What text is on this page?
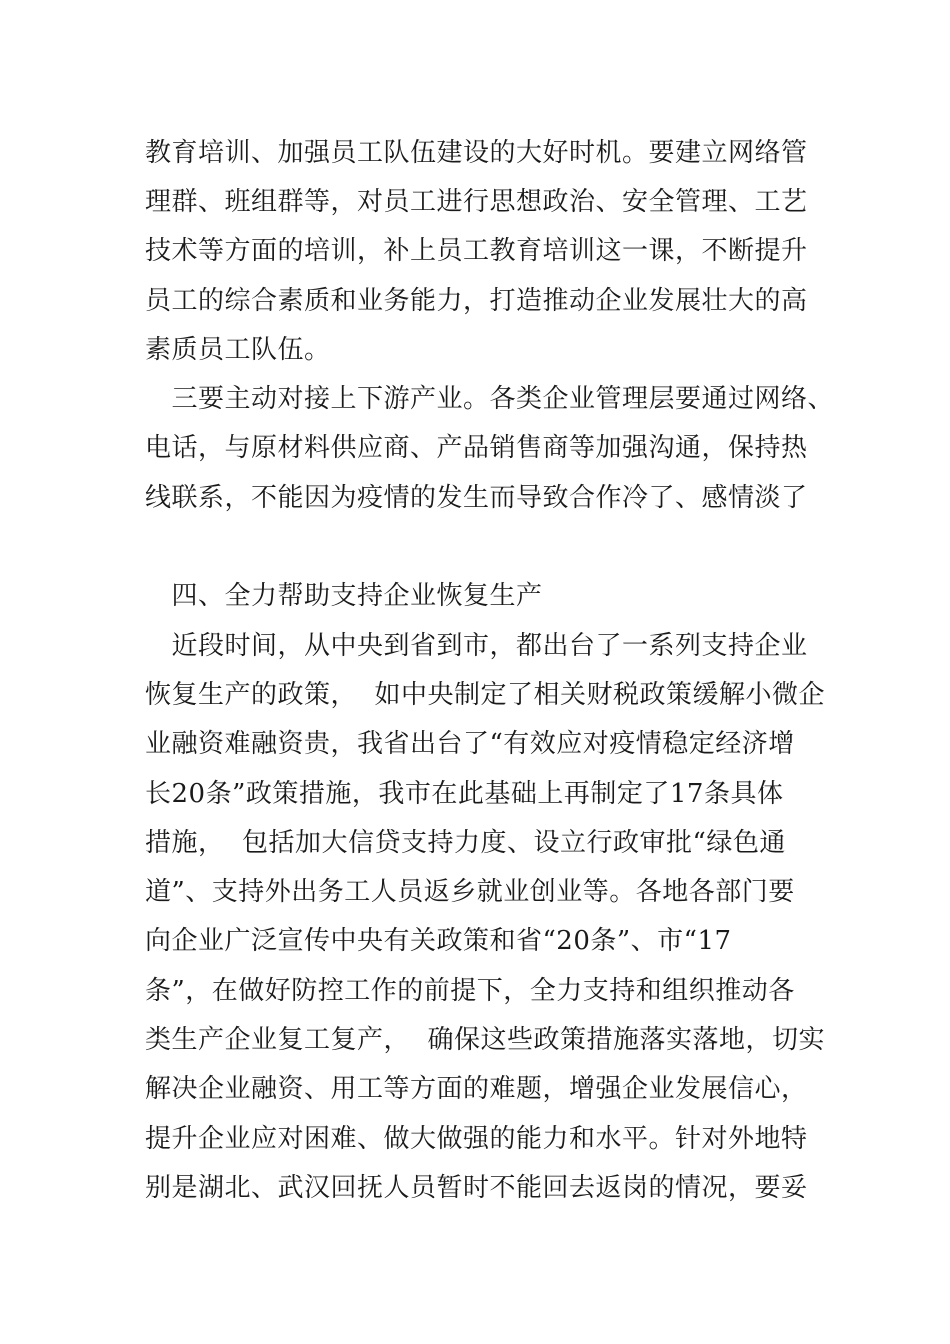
教育培训、加强员工队伍建设的大好时机。要建立网络管

理群、班组群等，对员工进行思想政治、安全管理、工艺

技术等方面的培训，补上员工教育培训这一课，不断提升

员工的综合素质和业务能力，打造推动企业发展壮大的高

素质员工队伍。

　三要主动对接上下游产业。各类企业管理层要通过网络、

电话，与原材料供应商、产品销售商等加强沟通，保持热

线联系，不能因为疫情的发生而导致合作冷了、感情淡了

　四、全力帮助支持企业恢复生产

　近段时间，从中央到省到市，都出台了一系列支持企业

恢复生产的政策，  如中央制定了相关财税政策缓解小微企

业融资难融资贵，我省出台了“有效应对疫情稳定经济增

长20条”政策措施，我市在此基础上再制定了17条具体

措施，  包括加大信贷支持力度、设立行政审批“绿色通

道”、支持外出务工人员返乡就业创业等。各地各部门要

向企业广泛宣传中央有关政策和省“20条”、市“17

条”，在做好防控工作的前提下，全力支持和组织推动各

类生产企业复工复产，  确保这些政策措施落实落地，切实

解决企业融资、用工等方面的难题，增强企业发展信心，

提升企业应对困难、做大做强的能力和水平。针对外地特

别是湖北、武汉回抚人员暂时不能回去返岗的情况，要妥
